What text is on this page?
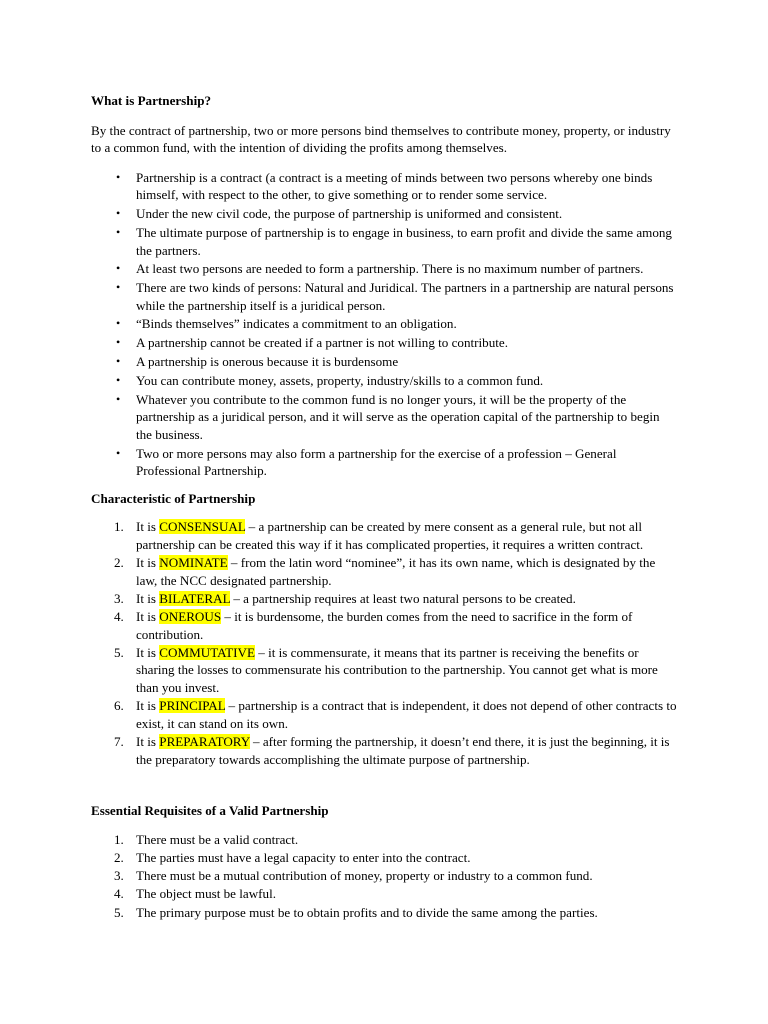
What is Partnership?

By the contract of partnership, two or more persons bind themselves to contribute money, property, or industry to a common fund, with the intention of dividing the profits among themselves.

• Partnership is a contract (a contract is a meeting of minds between two persons whereby one binds himself, with respect to the other, to give something or to render some service.
• Under the new civil code, the purpose of partnership is uniformed and consistent.
• The ultimate purpose of partnership is to engage in business, to earn profit and divide the same among the partners.
• At least two persons are needed to form a partnership. There is no maximum number of partners.
• There are two kinds of persons: Natural and Juridical. The partners in a partnership are natural persons while the partnership itself is a juridical person.
• “Binds themselves” indicates a commitment to an obligation.
• A partnership cannot be created if a partner is not willing to contribute.
• A partnership is onerous because it is burdensome
• You can contribute money, assets, property, industry/skills to a common fund.
• Whatever you contribute to the common fund is no longer yours, it will be the property of the partnership as a juridical person, and it will serve as the operation capital of the partnership to begin the business.
• Two or more persons may also form a partnership for the exercise of a profession – General Professional Partnership.
Characteristic of Partnership
1. It is CONSENSUAL – a partnership can be created by mere consent as a general rule, but not all partnership can be created this way if it has complicated properties, it requires a written contract.
2. It is NOMINATE – from the latin word “nominee”, it has its own name, which is designated by the law, the NCC designated partnership.
3. It is BILATERAL – a partnership requires at least two natural persons to be created.
4. It is ONEROUS – it is burdensome, the burden comes from the need to sacrifice in the form of contribution.
5. It is COMMUTATIVE – it is commensurate, it means that its partner is receiving the benefits or sharing the losses to commensurate his contribution to the partnership. You cannot get what is more than you invest.
6. It is PRINCIPAL – partnership is a contract that is independent, it does not depend of other contracts to exist, it can stand on its own.
7. It is PREPARATORY – after forming the partnership, it doesn’t end there, it is just the beginning, it is the preparatory towards accomplishing the ultimate purpose of partnership.
Essential Requisites of a Valid Partnership
1. There must be a valid contract.
2. The parties must have a legal capacity to enter into the contract.
3. There must be a mutual contribution of money, property or industry to a common fund.
4. The object must be lawful.
5. The primary purpose must be to obtain profits and to divide the same among the parties.
